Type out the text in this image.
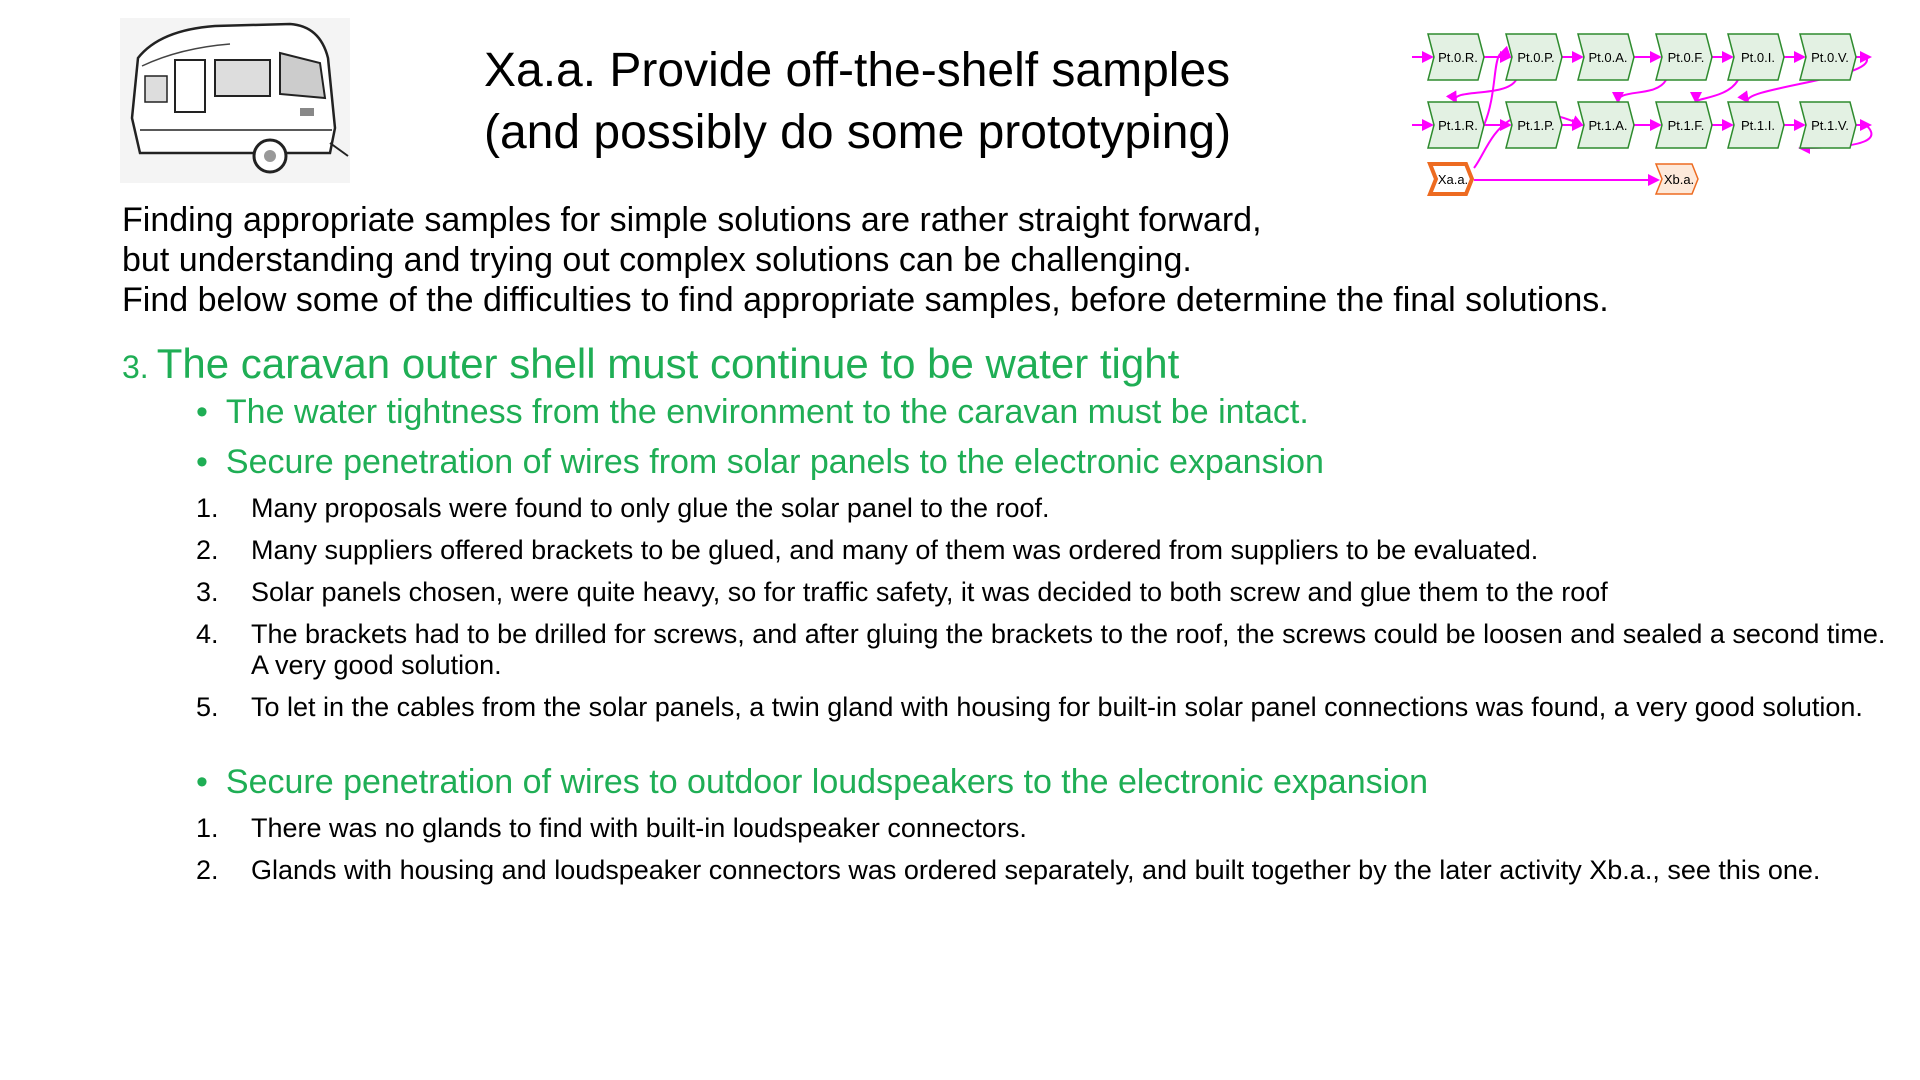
Xa.a. Provide off-the-shelf samples
(and possibly do some prototyping)
Pt.0.R.	Pt.0.P.	Pt.0.A.	Pt.0.F.	Pt.0.I.	Pt.0.V.
Pt.1.R.	Pt.1.P.	Pt.1.A.	Pt.1.F.	Pt.1.I.	Pt.1.V.
Xa.a.	Xb.a.
Finding appropriate samples for simple solutions are rather straight forward,
but understanding and trying out complex solutions can be challenging.
Find below some of the difficulties to find appropriate samples, before determine the final solutions.
3. The caravan outer shell must continue to be water tight
• The water tightness from the environment to the caravan must be intact.
• Secure penetration of wires from solar panels to the electronic expansion
1.	Many proposals were found to only glue the solar panel to the roof.
2.	Many suppliers offered brackets to be glued, and many of them was ordered from suppliers to be evaluated.
3.	Solar panels chosen, were quite heavy, so for traffic safety, it was decided to both screw and glue them to the roof
4.	The brackets had to be drilled for screws, and after gluing the brackets to the roof, the screws could be loosen and sealed a second time. A very good solution.
5.	To let in the cables from the solar panels, a twin gland with housing for built-in solar panel connections was found, a very good solution.
• Secure penetration of wires to outdoor loudspeakers to the electronic expansion
1.	There was no glands to find with built-in loudspeaker connectors.
2.	Glands with housing and loudspeaker connectors was ordered separately, and built together by the later activity Xb.a., see this one.
